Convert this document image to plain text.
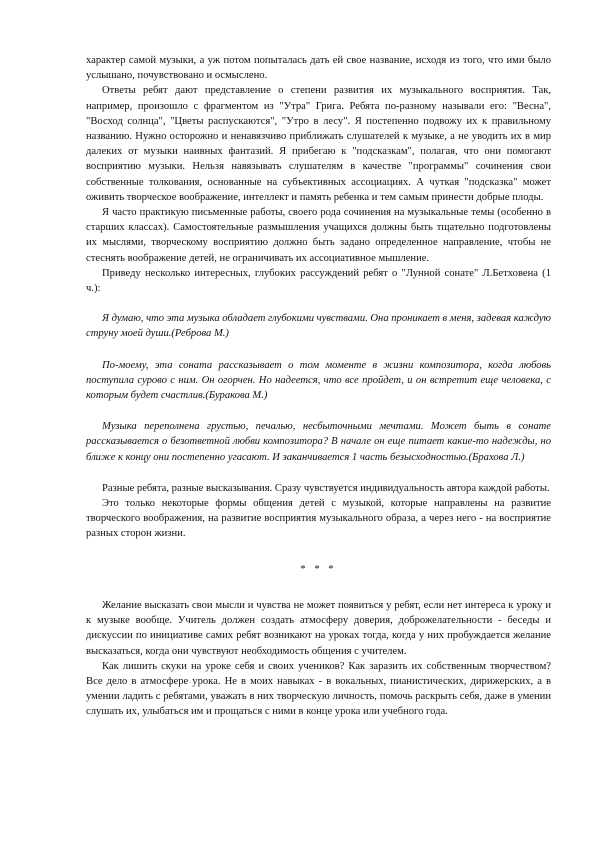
характер самой музыки, а уж потом попыталась дать ей свое название, исходя из того, что ими было услышано, почувствовано и осмыслено.

Ответы ребят дают представление о степени развития их музыкального восприятия. Так, например, произошло с фрагментом из "Утра" Грига. Ребята по-разному называли его: "Весна", "Восход солнца", "Цветы распускаются", "Утро в лесу". Я постепенно подвожу их к правильному названию. Нужно осторожно и ненавязчиво приближать слушателей к музыке, а не уводить их в мир далеких от музыки наивных фантазий. Я прибегаю к "подсказкам", полагая, что они помогают восприятию музыки. Нельзя навязывать слушателям в качестве "программы" сочинения свои собственные толкования, основанные на субъективных ассоциациях. А чуткая "подсказка" может оживить творческое воображение, интеллект и память ребенка и тем самым принести добрые плоды.

Я часто практикую письменные работы, своего рода сочинения на музыкальные темы (особенно в старших классах). Самостоятельные размышления учащихся должны быть тщательно подготовлены их мыслями, творческому восприятию должно быть задано определенное направление, чтобы не стеснять воображение детей, не ограничивать их ассоциативное мышление.

Приведу несколько интересных, глубоких рассуждений ребят о "Лунной сонате" Л.Бетховена (1 ч.):

Я думаю, что эта музыка обладает глубокими чувствами. Она проникает в меня, задевая каждую струну моей души.(Реброва М.)

По-моему, эта соната рассказывает о том моменте в жизни композитора, когда любовь поступила сурово с ним. Он огорчен. Но надеется, что все пройдет, и он встретит еще человека, с которым будет счастлив.(Буракова М.)

Музыка переполнена грустью, печалью, несбыточными мечтами. Может быть в сонате рассказывается о безответной любви композитора? В начале он еще питает какие-то надежды, но ближе к концу они постепенно угасают. И заканчивается 1 часть безысходностью.(Брахова Л.)

Разные ребята, разные высказывания. Сразу чувствуется индивидуальность автора каждой работы.

Это только некоторые формы общения детей с музыкой, которые направлены на развитие творческого воображения, на развитие восприятия музыкального образа, а через него - на восприятие разных сторон жизни.

* * *

Желание высказать свои мысли и чувства не может появиться у ребят, если нет интереса к уроку и к музыке вообще. Учитель должен создать атмосферу доверия, доброжелательности - беседы и дискуссии по инициативе самих ребят возникают на уроках тогда, когда у них пробуждается желание высказаться, когда они чувствуют необходимость общения с учителем.

Как лишить скуки на уроке себя и своих учеников? Как заразить их собственным творчеством? Все дело в атмосфере урока. Не в моих навыках - в вокальных, пианистических, дирижерских, а в умении ладить с ребятами, уважать в них творческую личность, помочь раскрыть себя, даже в умении слушать их, улыбаться им и прощаться с ними в конце урока или учебного года.
